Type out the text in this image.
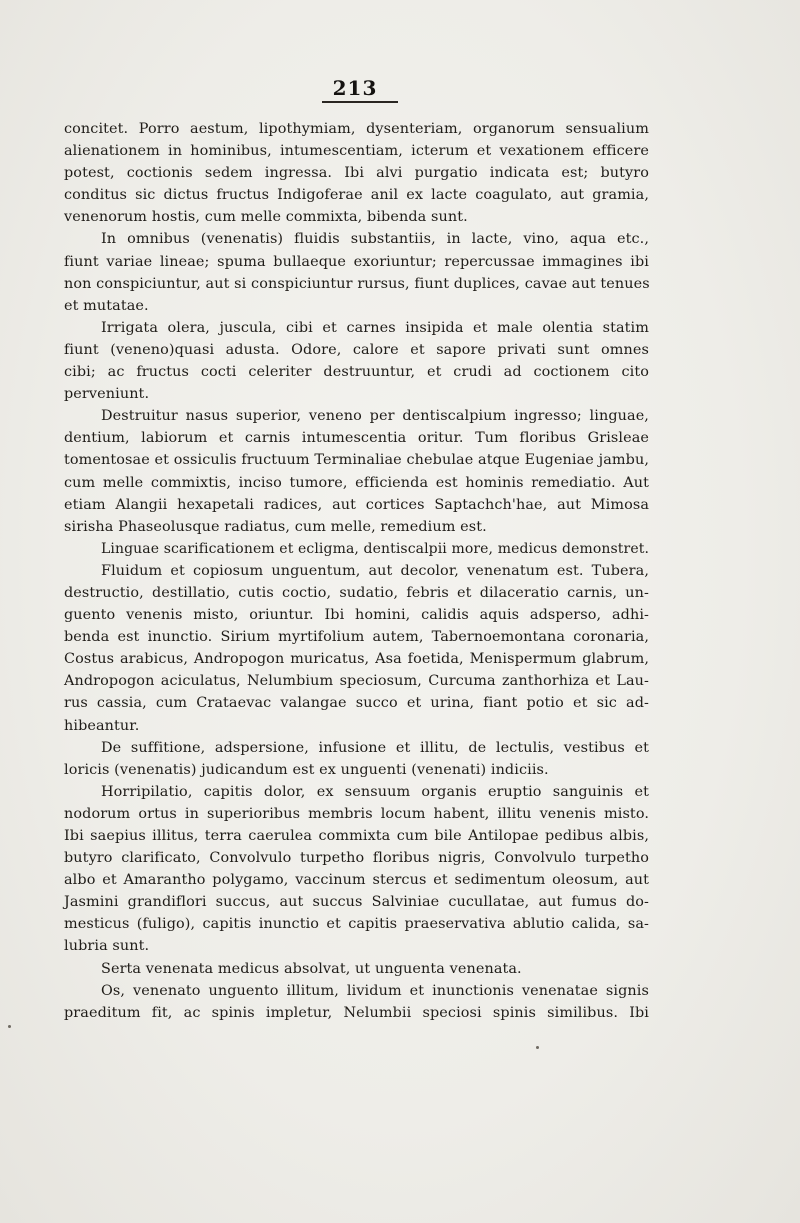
213
concitet. Porro aestum, lipothymiam, dysenteriam, organorum sensualium
alienationem in hominibus, intumescentiam, icterum et vexationem efficere
potest, coctionis sedem ingressa. Ibi alvi purgatio indicata est; butyro
conditus sic dictus fructus Indigoferae anil ex lacte coagulato, aut gramia,
venenorum hostis, cum melle commixta, bibenda sunt.
In omnibus (venenatis) fluidis substantiis, in lacte, vino, aqua etc.,
fiunt variae lineae; spuma bullaeque exoriuntur; repercussae immagines ibi
non conspiciuntur, aut si conspiciuntur rursus, fiunt duplices, cavae aut tenues
et mutatae.
Irrigata olera, juscula, cibi et carnes insipida et male olentia statim
fiunt (veneno)quasi adusta. Odore, calore et sapore privati sunt omnes
cibi; ac fructus cocti celeriter destruuntur, et crudi ad coctionem cito
perveniunt.
Destruitur nasus superior, veneno per dentiscalpium ingresso; linguae,
dentium, labiorum et carnis intumescentia oritur. Tum floribus Grisleae
tomentosae et ossiculis fructuum Terminaliae chebulae atque Eugeniae jambu,
cum melle commixtis, inciso tumore, efficienda est hominis remediatio. Aut
etiam Alangii hexapetali radices, aut cortices Saptachch'hae, aut Mimosa
sirisha Phaseolusque radiatus, cum melle, remedium est.
Linguae scarificationem et ecligma, dentiscalpii more, medicus demonstret.
Fluidum et copiosum unguentum, aut decolor, venenatum est. Tubera,
destructio, destillatio, cutis coctio, sudatio, febris et dilaceratio carnis, un-
guento venenis misto, oriuntur. Ibi homini, calidis aquis adsperso, adhi-
benda est inunctio. Sirium myrtifolium autem, Tabernoemontana coronaria,
Costus arabicus, Andropogon muricatus, Asa foetida, Menispermum glabrum,
Andropogon aciculatus, Nelumbium speciosum, Curcuma zanthorhiza et Lau-
rus cassia, cum Crataevac valangae succo et urina, fiant potio et sic ad-
hibeantur.
De suffitione, adspersione, infusione et illitu, de lectulis, vestibus et
loricis (venenatis) judicandum est ex unguenti (venenati) indiciis.
Horripilatio, capitis dolor, ex sensuum organis eruptio sanguinis et
nodorum ortus in superioribus membris locum habent, illitu venenis misto.
Ibi saepius illitus, terra caerulea commixta cum bile Antilopae pedibus albis,
butyro clarificato, Convolvulo turpetho floribus nigris, Convolvulo turpetho
albo et Amarantho polygamo, vaccinum stercus et sedimentum oleosum, aut
Jasmini grandiflori succus, aut succus Salviniae cucullatae, aut fumus do-
mesticus (fuligo), capitis inunctio et capitis praeservativa ablutio calida, sa-
lubria sunt.
Serta venenata medicus absolvat, ut unguenta venenata.
Os, venenato unguento illitum, lividum et inunctionis venenatae signis
praeditum fit, ac spinis impletur, Nelumbii speciosi spinis similibus. Ibi
